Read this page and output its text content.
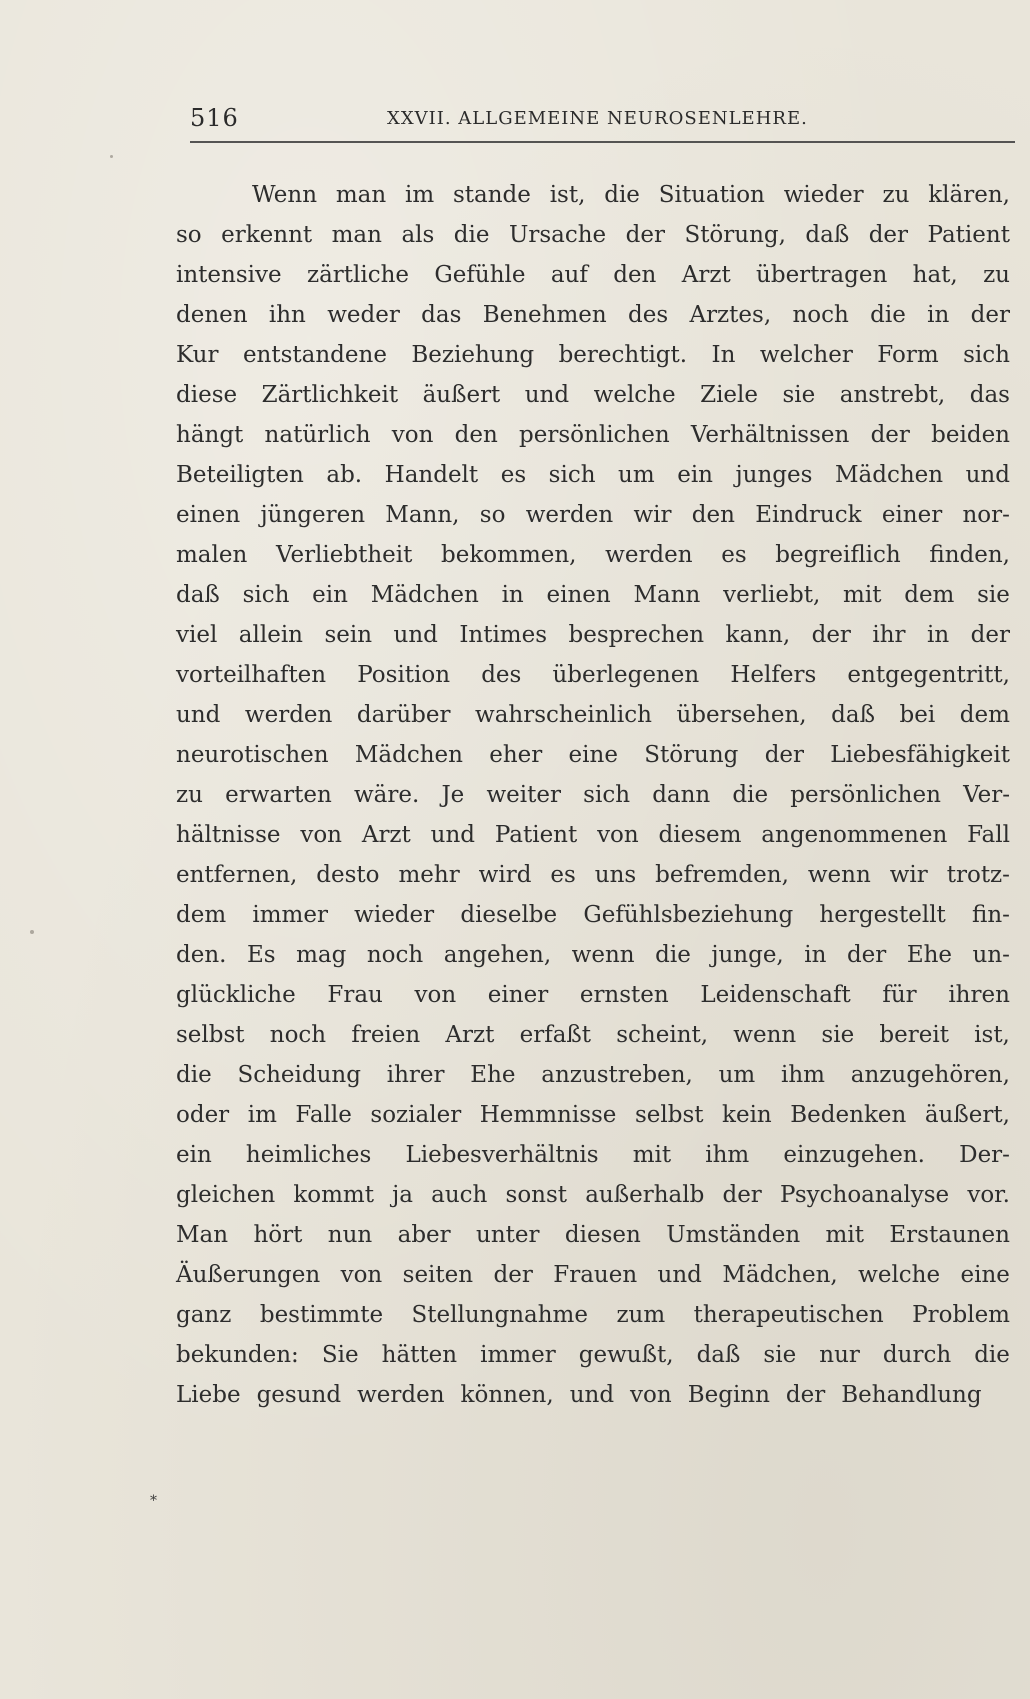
516	XXVII. ALLGEMEINE NEUROSENLEHRE.
Wenn man im stande ist, die Situation wieder zu klären,
so erkennt man als die Ursache der Störung, daß der Patient
intensive zärtliche Gefühle auf den Arzt übertragen hat, zu
denen ihn weder das Benehmen des Arztes, noch die in der
Kur entstandene Beziehung berechtigt. In welcher Form sich
diese Zärtlichkeit äußert und welche Ziele sie anstrebt, das
hängt natürlich von den persönlichen Verhältnissen der beiden
Beteiligten ab. Handelt es sich um ein junges Mädchen und
einen jüngeren Mann, so werden wir den Eindruck einer nor-
malen Verliebtheit bekommen, werden es begreiflich finden,
daß sich ein Mädchen in einen Mann verliebt, mit dem sie
viel allein sein und Intimes besprechen kann, der ihr in der
vorteilhaften Position des überlegenen Helfers entgegentritt,
und werden darüber wahrscheinlich übersehen, daß bei dem
neurotischen Mädchen eher eine Störung der Liebesfähigkeit
zu erwarten wäre. Je weiter sich dann die persönlichen Ver-
hältnisse von Arzt und Patient von diesem angenommenen Fall
entfernen, desto mehr wird es uns befremden, wenn wir trotz-
dem immer wieder dieselbe Gefühlsbeziehung hergestellt fin-
den. Es mag noch angehen, wenn die junge, in der Ehe un-
glückliche Frau von einer ernsten Leidenschaft für ihren
selbst noch freien Arzt erfaßt scheint, wenn sie bereit ist,
die Scheidung ihrer Ehe anzustreben, um ihm anzugehören,
oder im Falle sozialer Hemmnisse selbst kein Bedenken äußert,
ein heimliches Liebesverhältnis mit ihm einzugehen. Der-
gleichen kommt ja auch sonst außerhalb der Psychoanalyse vor.
Man hört nun aber unter diesen Umständen mit Erstaunen
Äußerungen von seiten der Frauen und Mädchen, welche eine
ganz bestimmte Stellungnahme zum therapeutischen Problem
bekunden: Sie hätten immer gewußt, daß sie nur durch die
Liebe gesund werden können, und von Beginn der Behandlung
*
